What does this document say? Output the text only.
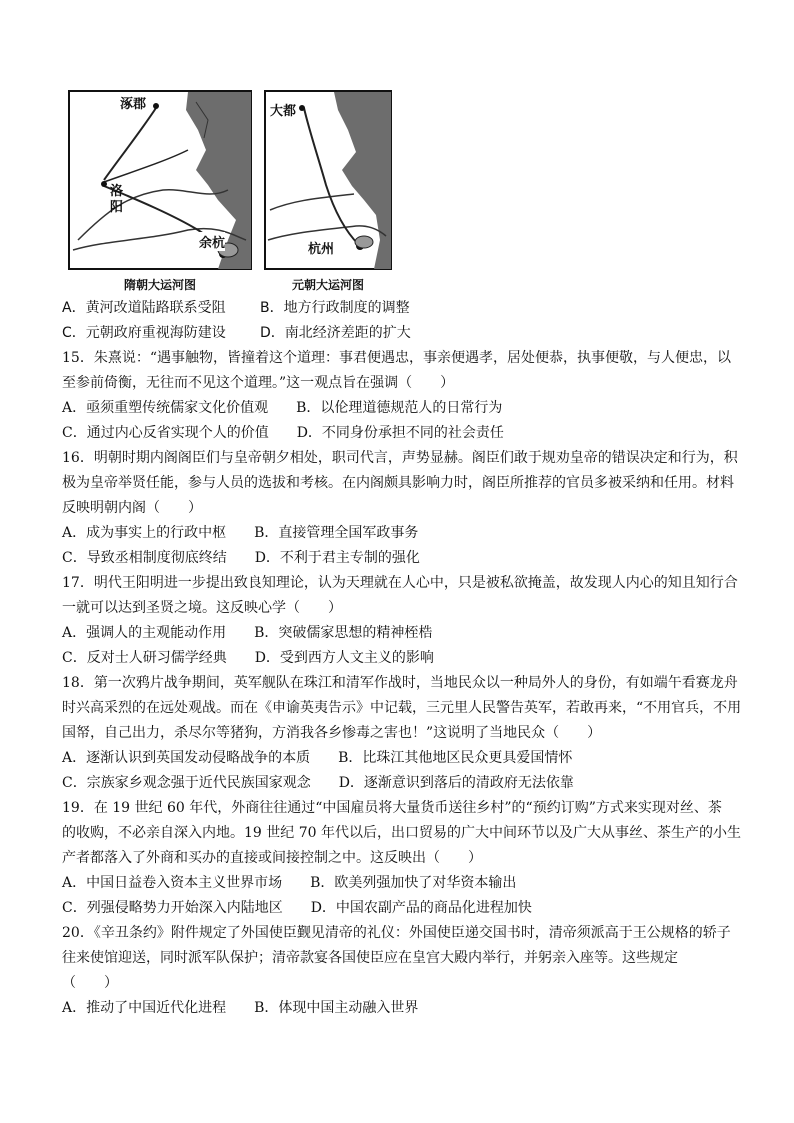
涿郡
洛
阳
余杭
隋朝大运河图
大都
杭州
元朝大运河图
A．黄河改道陆路联系受阻 B．地方行政制度的调整
C．元朝政府重视海防建设 D．南北经济差距的扩大
15．朱熹说：“遇事触物，皆撞着这个道理：事君便遇忠，事亲便遇孝，居处便恭，执事便敬，与人便忠，以
至参前倚衡，无往而不见这个道理。”这一观点旨在强调（　　）
A．亟须重塑传统儒家文化价值观　　B．以伦理道德规范人的日常行为
C．通过内心反省实现个人的价值　　D．不同身份承担不同的社会责任
16．明朝时期内阁阁臣们与皇帝朝夕相处，职司代言，声势显赫。阁臣们敢于规劝皇帝的错误决定和行为，积
极为皇帝举贤任能，参与人员的选拔和考核。在内阁颇具影响力时，阁臣所推荐的官员多被采纳和任用。材料
反映明朝内阁（　　）
A．成为事实上的行政中枢　　B．直接管理全国军政事务
C．导致丞相制度彻底终结　　D．不利于君主专制的强化
17．明代王阳明进一步提出致良知理论，认为天理就在人心中，只是被私欲掩盖，故发现人内心的知且知行合
一就可以达到圣贤之境。这反映心学（　　）
A．强调人的主观能动作用　　B．突破儒家思想的精神桎梏
C．反对士人研习儒学经典　　D．受到西方人文主义的影响
18．第一次鸦片战争期间，英军舰队在珠江和清军作战时，当地民众以一种局外人的身份，有如端午看赛龙舟
时兴高采烈的在远处观战。而在《申谕英夷告示》中记载，三元里人民警告英军，若敢再来，“不用官兵，不用
国帑，自己出力，杀尽尔等猪狗，方消我各乡惨毒之害也！”这说明了当地民众（　　）
A．逐渐认识到英国发动侵略战争的本质　　B．比珠江其他地区民众更具爱国情怀
C．宗族家乡观念强于近代民族国家观念　　D．逐渐意识到落后的清政府无法依靠
19．在 19 世纪 60 年代，外商往往通过“中国雇员将大量货币送往乡村”的“预约订购”方式来实现对丝、茶
的收购，不必亲自深入内地。19 世纪 70 年代以后，出口贸易的广大中间环节以及广大从事丝、茶生产的小生
产者都落入了外商和买办的直接或间接控制之中。这反映出（　　）
A．中国日益卷入资本主义世界市场　　B．欧美列强加快了对华资本输出
C．列强侵略势力开始深入内陆地区　　D．中国农副产品的商品化进程加快
20．《辛丑条约》附件规定了外国使臣觐见清帝的礼仪：外国使臣递交国书时，清帝须派高于王公规格的轿子
往来使馆迎送，同时派军队保护；清帝款宴各国使臣应在皇宫大殿内举行，并躬亲入座等。这些规定
（　　）
A．推动了中国近代化进程　　B．体现中国主动融入世界
